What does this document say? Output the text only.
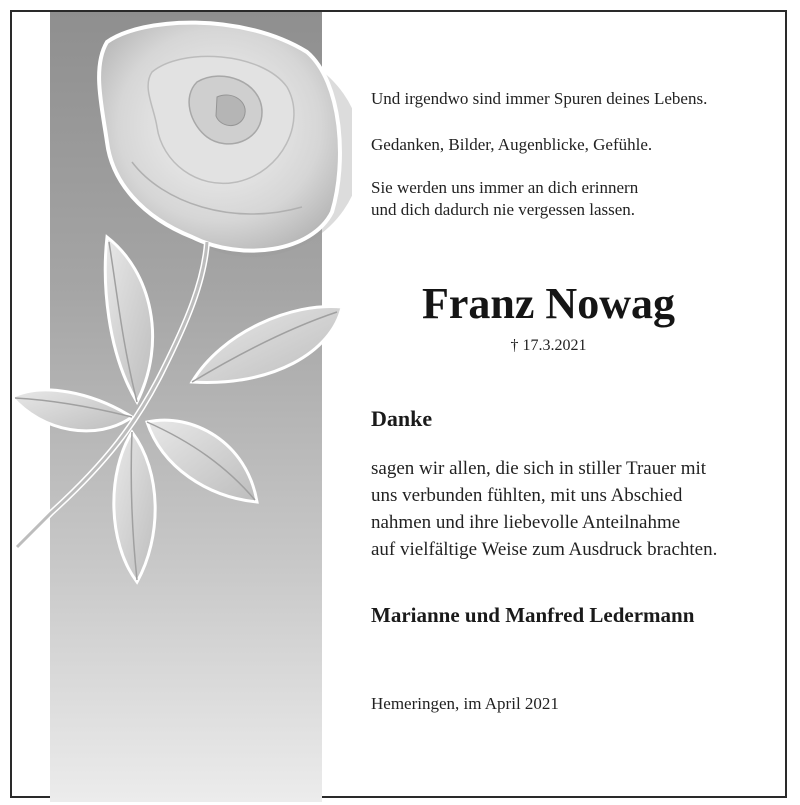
Und irgendwo sind immer Spuren deines Lebens.
Gedanken, Bilder, Augenblicke, Gefühle.
Sie werden uns immer an dich erinnern
und dich dadurch nie vergessen lassen.
Franz Nowag
† 17.3.2021
Danke
sagen wir allen, die sich in stiller Trauer mit
uns verbunden fühlten, mit uns Abschied
nahmen und ihre liebevolle Anteilnahme
auf vielfältige Weise zum Ausdruck brachten.
Marianne und Manfred Ledermann
Hemeringen, im April 2021
